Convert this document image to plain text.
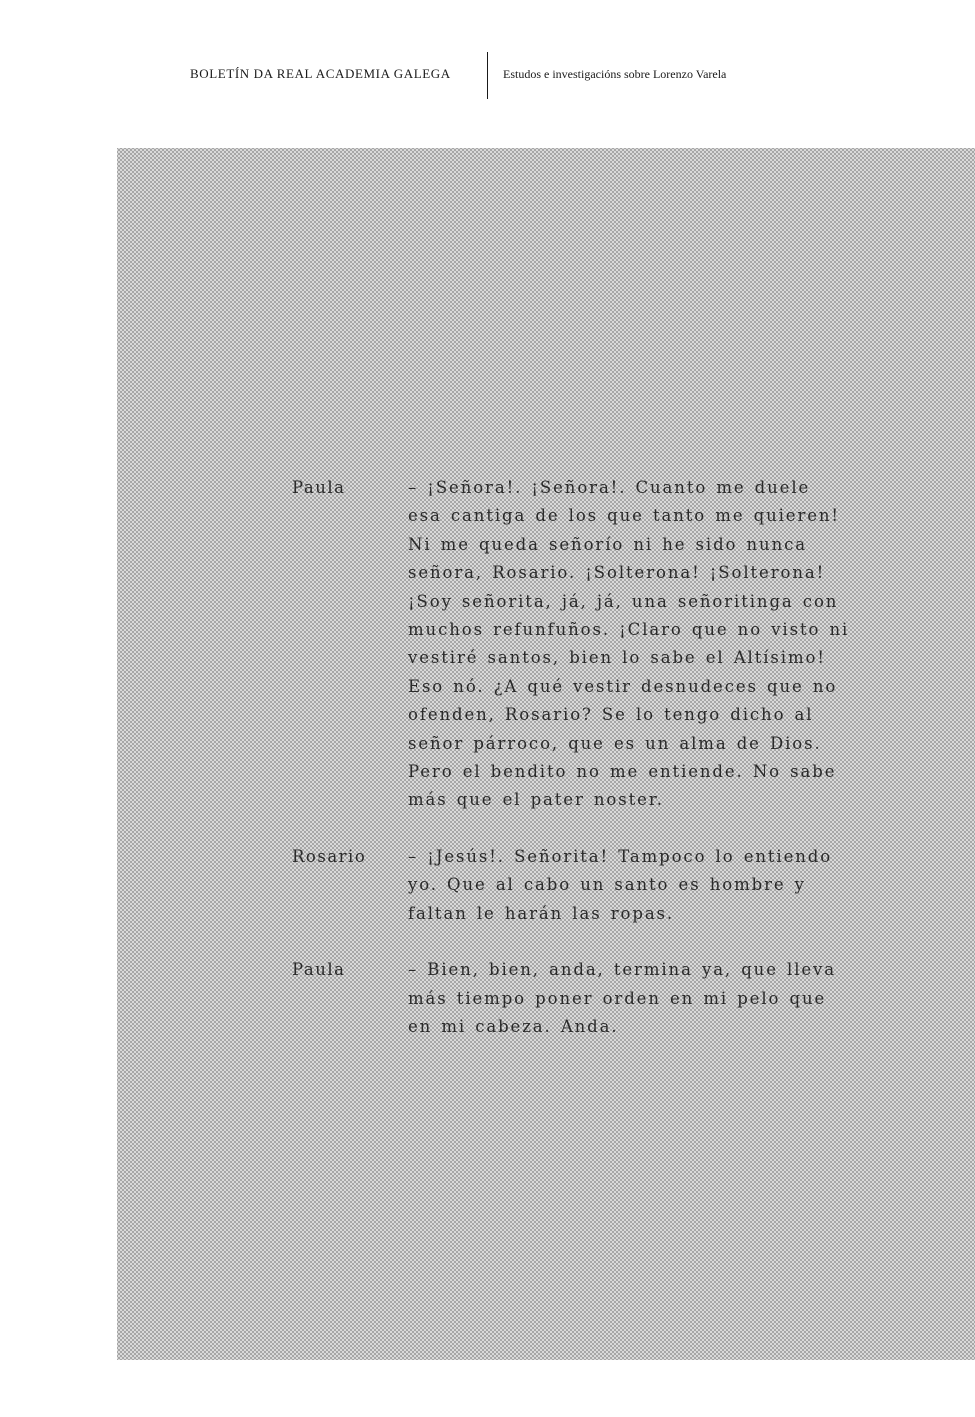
BOLETÍN DA REAL ACADEMIA GALEGA	Estudos e investigacións sobre Lorenzo Varela
Paula	– ¡Señora!. ¡Señora!. Cuanto me duele
esa cantiga de los que tanto me quieren!
Ni me queda señorío ni he sido nunca
señora, Rosario. ¡Solterona! ¡Solterona!
¡Soy señorita, já, já, una señoritinga con
muchos refunfuños. ¡Claro que no visto ni
vestiré santos, bien lo sabe el Altísimo!
Eso nó. ¿A qué vestir desnudeces que no
ofenden, Rosario? Se lo tengo dicho al
señor párroco, que es un alma de Dios.
Pero el bendito no me entiende. No sabe
más que el pater noster.
Rosario	– ¡Jesús!. Señorita! Tampoco lo entiendo
yo. Que al cabo un santo es hombre y
faltan le harán las ropas.
Paula	– Bien, bien, anda, termina ya, que lleva
más tiempo poner orden en mi pelo que
en mi cabeza. Anda.
